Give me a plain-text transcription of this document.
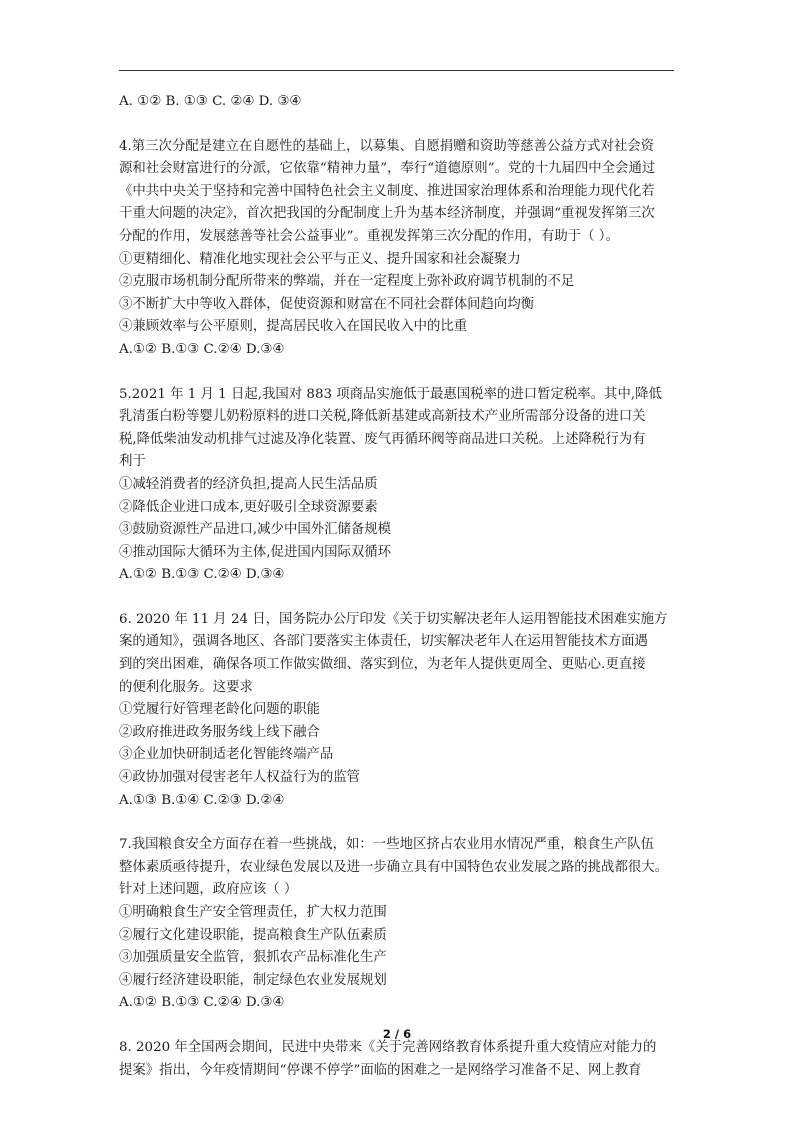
A. ①② B. ①③ C. ②④ D. ③④
4.第三次分配是建立在自愿性的基础上，以募集、自愿捐赠和资助等慈善公益方式对社会资
源和社会财富进行的分派，它依靠“精神力量”，奉行“道德原则”。党的十九届四中全会通过
《中共中央关于坚持和完善中国特色社会主义制度、推进国家治理体系和治理能力现代化若
干重大问题的决定》，首次把我国的分配制度上升为基本经济制度，并强调“重视发挥第三次
分配的作用，发展慈善等社会公益事业”。重视发挥第三次分配的作用，有助于（ ）。
①更精细化、精准化地实现社会公平与正义、提升国家和社会凝聚力
②克服市场机制分配所带来的弊端，并在一定程度上弥补政府调节机制的不足
③不断扩大中等收入群体，促使资源和财富在不同社会群体间趋向均衡
④兼顾效率与公平原则，提高居民收入在国民收入中的比重
A.①② B.①③ C.②④ D.③④
5.2021 年 1 月 1 日起,我国对 883 项商品实施低于最惠国税率的进口暂定税率。其中,降低
乳清蛋白粉等婴儿奶粉原料的进口关税,降低新基建或高新技术产业所需部分设备的进口关
税,降低柴油发动机排气过滤及净化装置、废气再循环阀等商品进口关税。上述降税行为有
利于
①减轻消费者的经济负担,提高人民生活品质
②降低企业进口成本,更好吸引全球资源要素
③鼓励资源性产品进口,减少中国外汇储备规模
④推动国际大循环为主体,促进国内国际双循环
A.①② B.①③ C.②④ D.③④
6. 2020 年 11 月 24 日，国务院办公厅印发《关于切实解决老年人运用智能技术困难实施方
案的通知》，强调各地区、各部门要落实主体责任，切实解决老年人在运用智能技术方面遇
到的突出困难，确保各项工作做实做细、落实到位，为老年人提供更周全、更贴心.更直接
的便利化服务。这要求
①党履行好管理老龄化问题的职能
②政府推进政务服务线上线下融合
③企业加快研制适老化智能终端产品
④政协加强对侵害老年人权益行为的监管
A.①③ B.①④ C.②③ D.②④
7.我国粮食安全方面存在着一些挑战，如：一些地区挤占农业用水情况严重，粮食生产队伍
整体素质亟待提升，农业绿色发展以及进一步确立具有中国特色农业发展之路的挑战都很大。
针对上述问题，政府应该（ ）
①明确粮食生产安全管理责任，扩大权力范围
②履行文化建设职能，提高粮食生产队伍素质
③加强质量安全监管，狠抓农产品标准化生产
④履行经济建设职能，制定绿色农业发展规划
A.①② B.①③ C.②④ D.③④
8. 2020 年全国两会期间，民进中央带来《关于完善网络教育体系提升重大疫情应对能力的
提案》指出，今年疫情期间“停课不停学”面临的困难之一是网络学习准备不足、网上教育
2 / 6
